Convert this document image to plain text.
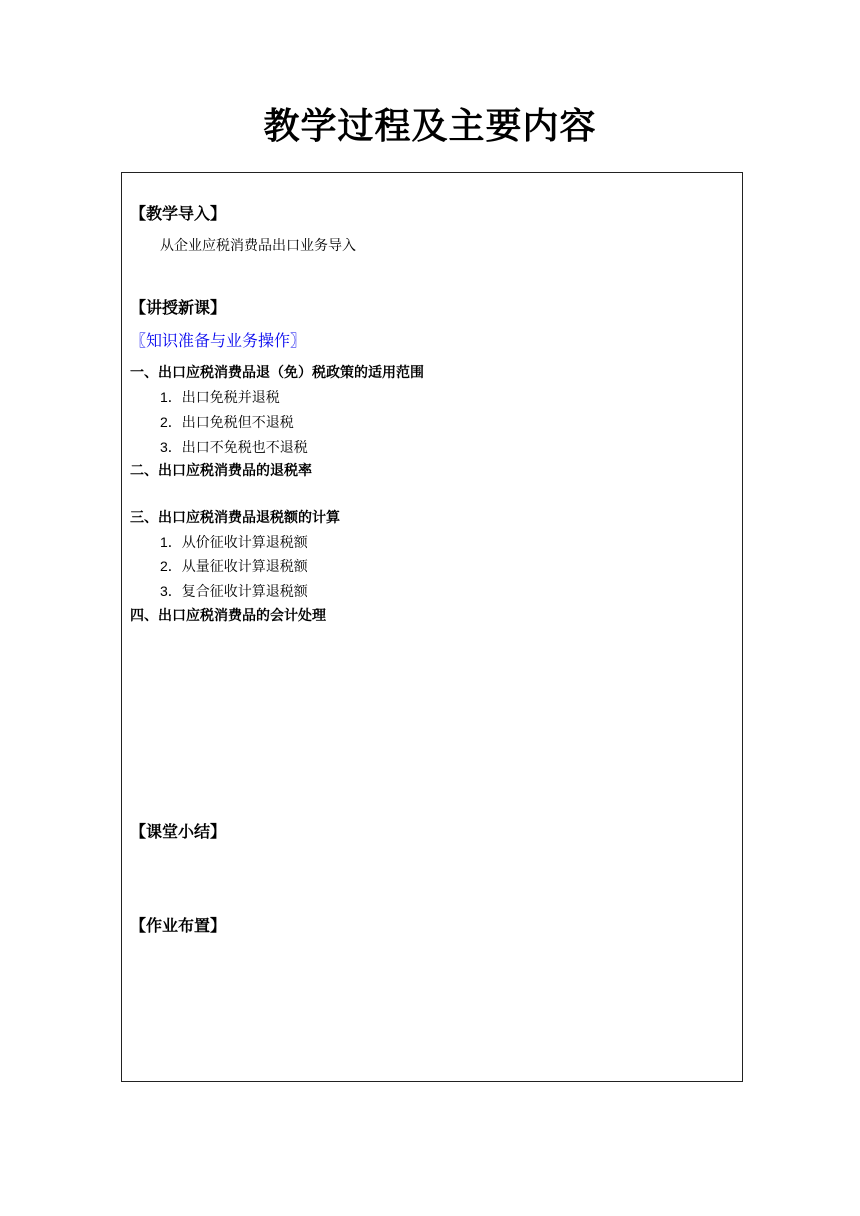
教学过程及主要内容
【教学导入】
从企业应税消费品出口业务导入
【讲授新课】
〖知识准备与业务操作〗
一、出口应税消费品退（免）税政策的适用范围
1．出口免税并退税
2．出口免税但不退税
3．出口不免税也不退税
二、出口应税消费品的退税率
三、出口应税消费品退税额的计算
1．从价征收计算退税额
2．从量征收计算退税额
3．复合征收计算退税额
四、出口应税消费品的会计处理
【课堂小结】
【作业布置】
